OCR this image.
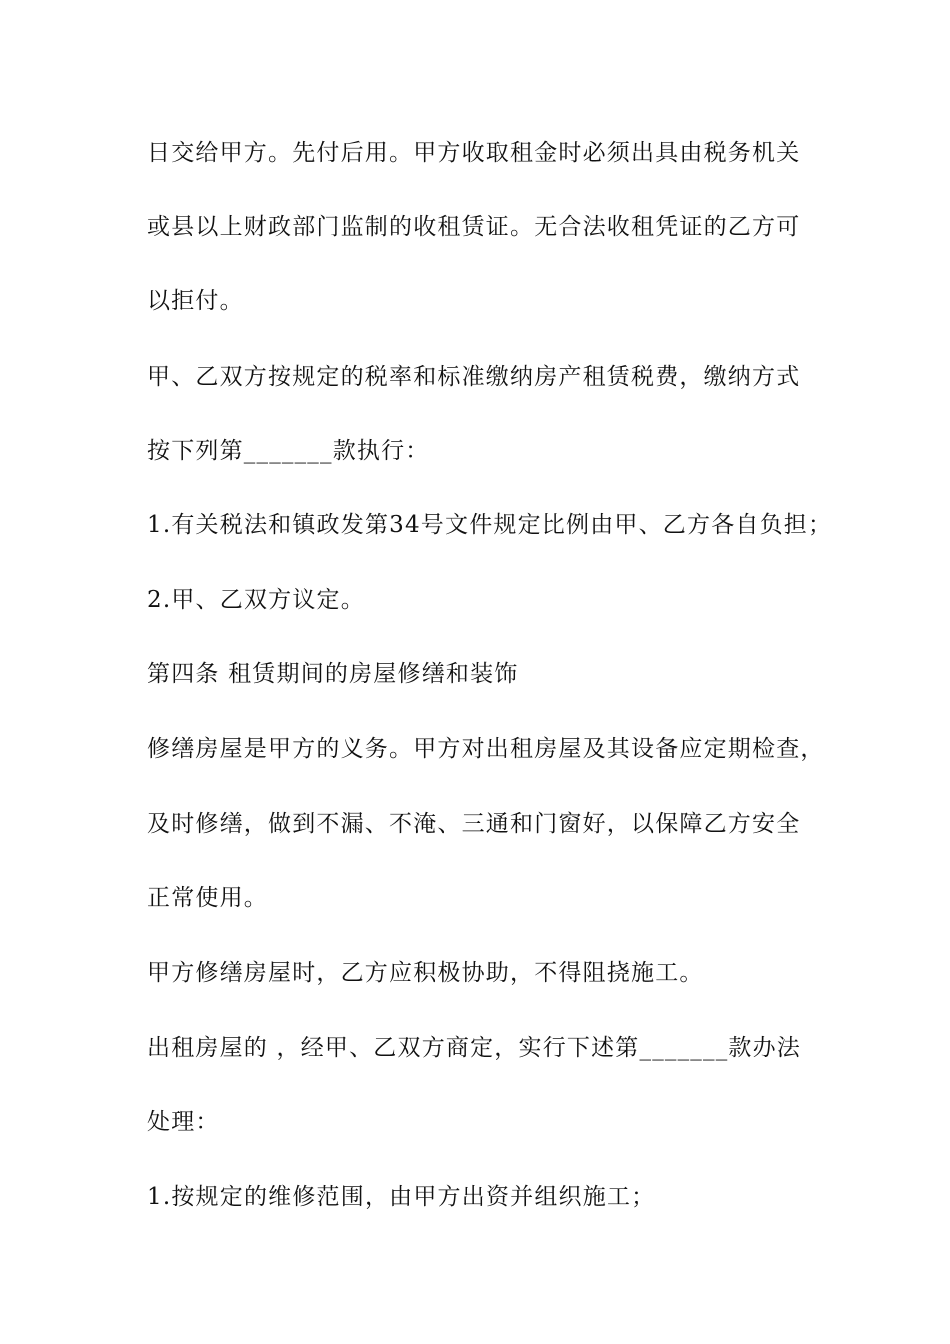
日交给甲方。先付后用。甲方收取租金时必须出具由税务机关
或县以上财政部门监制的收租赁证。无合法收租凭证的乙方可
以拒付。
甲、乙双方按规定的税率和标准缴纳房产租赁税费，缴纳方式
按下列第_______款执行：
1.有关税法和镇政发第34号文件规定比例由甲、乙方各自负担；
2.甲、乙双方议定。
第四条 租赁期间的房屋修缮和装饰
修缮房屋是甲方的义务。甲方对出租房屋及其设备应定期检查，
及时修缮，做到不漏、不淹、三通和门窗好，以保障乙方安全
正常使用。
甲方修缮房屋时，乙方应积极协助，不得阻挠施工。
出租房屋的 ，经甲、乙双方商定，实行下述第_______款办法
处理：
1.按规定的维修范围，由甲方出资并组织施工；
